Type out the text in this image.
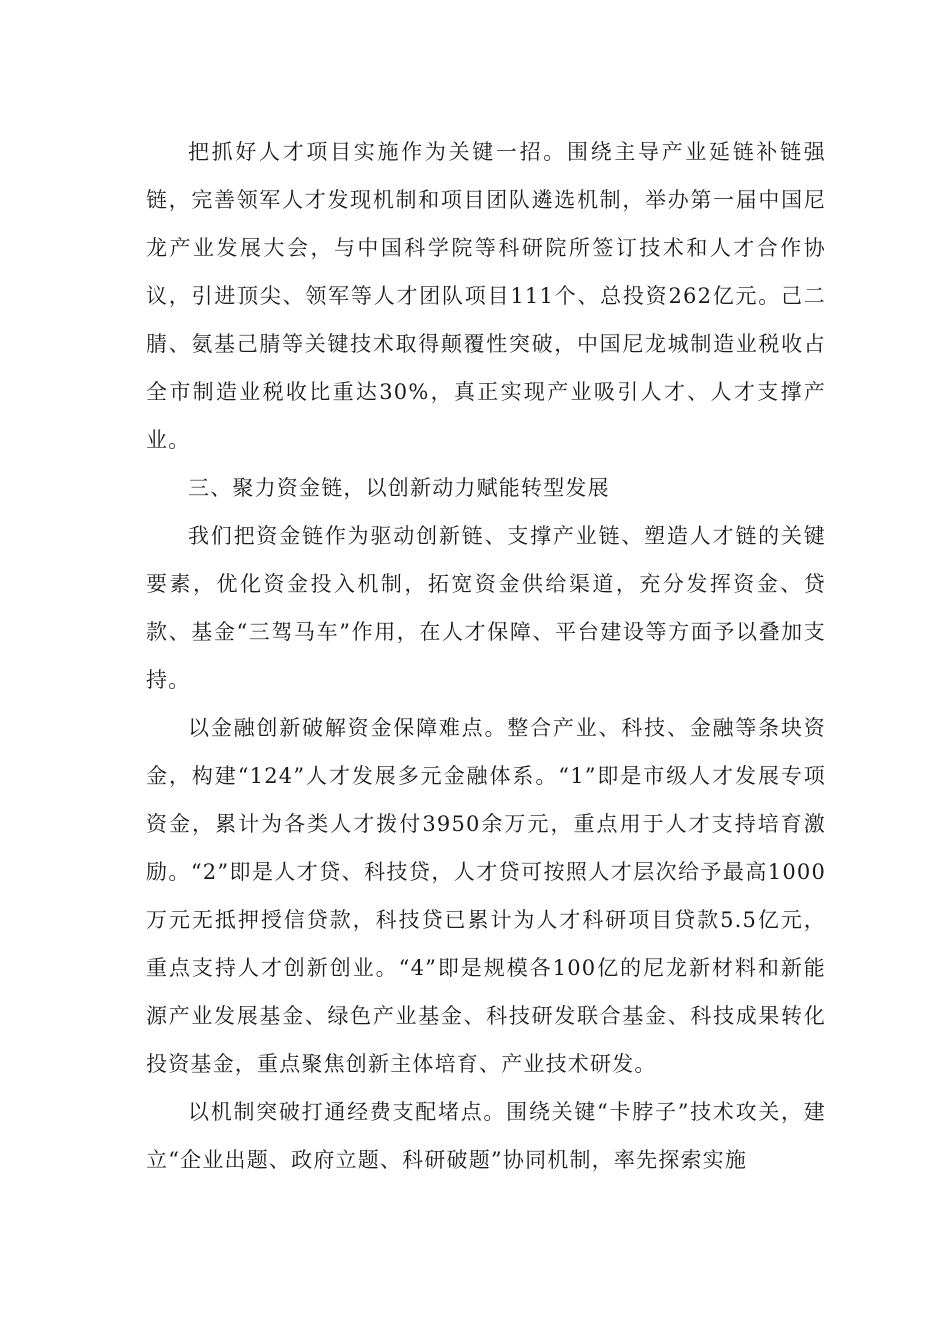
把抓好人才项目实施作为关键一招。围绕主导产业延链补链强链，完善领军人才发现机制和项目团队遴选机制，举办第一届中国尼龙产业发展大会，与中国科学院等科研院所签订技术和人才合作协议，引进顶尖、领军等人才团队项目111个、总投资262亿元。己二腈、氨基己腈等关键技术取得颠覆性突破，中国尼龙城制造业税收占全市制造业税收比重达30%，真正实现产业吸引人才、人才支撑产业。

三、聚力资金链，以创新动力赋能转型发展

我们把资金链作为驱动创新链、支撑产业链、塑造人才链的关键要素，优化资金投入机制，拓宽资金供给渠道，充分发挥资金、贷款、基金“三驾马车”作用，在人才保障、平台建设等方面予以叠加支持。

以金融创新破解资金保障难点。整合产业、科技、金融等条块资金，构建“124”人才发展多元金融体系。“1”即是市级人才发展专项资金，累计为各类人才拨付3950余万元，重点用于人才支持培育激励。“2”即是人才贷、科技贷，人才贷可按照人才层次给予最高1000万元无抵押授信贷款，科技贷已累计为人才科研项目贷款5.5亿元，重点支持人才创新创业。“4”即是规模各100亿的尼龙新材料和新能源产业发展基金、绿色产业基金、科技研发联合基金、科技成果转化投资基金，重点聚焦创新主体培育、产业技术研发。

以机制突破打通经费支配堵点。围绕关键“卡脖子”技术攻关，建立“企业出题、政府立题、科研破题”协同机制，率先探索实施
